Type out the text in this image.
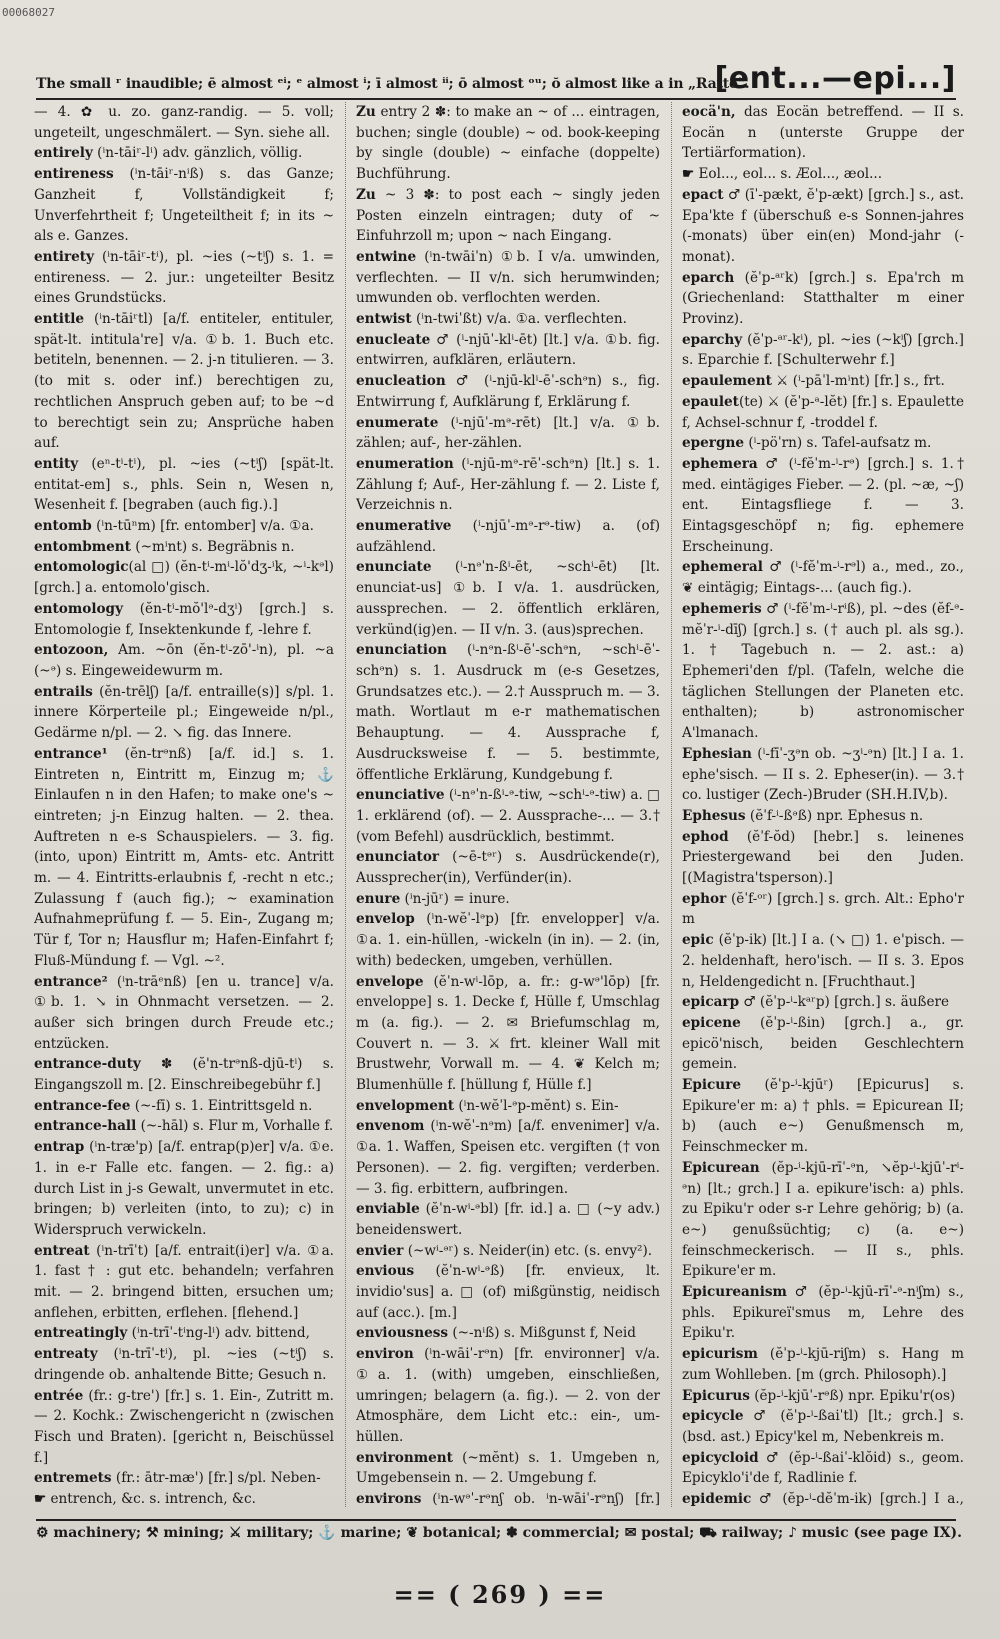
00068027
The small ʳ inaudible; ē almost ᵉⁱ; ᵉ almost ⁱ; ī almost ⁱⁱ; ō almost ᵒᵘ; ŏ almost like a in „Ratte".
[ent...—epi...]

— 4. ✿ u. zo. ganz-randig. — 5. voll; ungeteilt, ungeschmälert. — Syn. siehe all.

entirely (ⁱn-tāiʳ-lⁱ) adv. gänzlich, völlig.

entireness (ⁱn-tāiʳ-nⁱß) s. das Ganze; Ganzheit f, Vollständigkeit f; Unverfehrtheit f; Ungeteiltheit f; in its ~ als e. Ganzes.

entirety (ⁱn-tāiʳ-tⁱ), pl. ~ies (~tⁱʃ) s. 1. = entireness. — 2. jur.: ungeteilter Besitz eines Grundstücks.

entitle (ⁱn-tāiʳtl) [a/f. entiteler, entituler, spät-lt. intitula're] v/a. ①b. 1. Buch etc. betiteln, benennen. — 2. j-n titulieren. — 3. (to mit s. oder inf.) berechtigen zu, rechtlichen Anspruch geben auf; to be ~d to berechtigt sein zu; Ansprüche haben auf.

entity (eⁿ-tⁱ-tⁱ), pl. ~ies (~tⁱʃ) [spät-lt. entitat-em] s., phls. Sein n, Wesen n, Wesenheit f. [begraben (auch fig.).]

entomb (ⁱn-tūⁿm) [fr. entomber] v/a. ①a.

entombment (~mⁱnt) s. Begräbnis n.

entomologic(al □) (ĕn-tⁱ-mⁱ-lŏ'dʒ-ⁱk, ~ⁱ-kᵊl) [grch.] a. entomolo'gisch.

entomology (ĕn-tⁱ-mŏ'lᵊ-dʒⁱ) [grch.] s. Entomologie f, Insektenkunde f, -lehre f.

entozoon, Am. ~ōn (ĕn-tⁱ-zō'-ⁱn), pl. ~a (~ᵊ) s. Eingeweidewurm m.

entrails (ĕn-trēlʃ) [a/f. entraille(s)] s/pl. 1. innere Körperteile pl.; Eingeweide n/pl., Gedärme n/pl. — 2. ↘ fig. das Innere.

entrance¹ (ĕn-trᵊnß) [a/f. id.] s. 1. Eintreten n, Eintritt m, Einzug m; ⚓ Einlaufen n in den Hafen; to make one's ~ eintreten; j-n Einzug halten. — 2. thea. Auftreten n e-s Schauspielers. — 3. fig. (into, upon) Eintritt m, Amts- etc. Antritt m. — 4. Eintritts-erlaubnis f, -recht n etc.; Zulassung f (auch fig.); ~ examination Aufnahmeprüfung f. — 5. Ein-, Zugang m; Tür f, Tor n; Hausflur m; Hafen-Einfahrt f; Fluß-Mündung f. — Vgl. ~².

entrance² (ⁱn-trāᵉnß) [en u. trance] v/a. ①b. 1. ↘ in Ohnmacht versetzen. — 2. außer sich bringen durch Freude etc.; entzücken.

entrance-duty ✽ (ĕ'n-trᵊnß-djū-tⁱ) s. Eingangszoll m. [2. Einschreibegebühr f.]

entrance-fee (~-fī) s. 1. Eintrittsgeld n.

entrance-hall (~-hāl) s. Flur m, Vorhalle f.

entrap (ⁱn-træ'p) [a/f. entrap(p)er] v/a. ①e. 1. in e-r Falle etc. fangen. — 2. fig.: a) durch List in j-s Gewalt, unvermutet in etc. bringen; b) verleiten (into, to zu); c) in Widerspruch verwickeln.

entreat (ⁱn-trīˈt) [a/f. entrait(i)er] v/a. ①a. 1. fast † : gut etc. behandeln; verfahren mit. — 2. bringend bitten, ersuchen um; anflehen, erbitten, erflehen. [flehend.]

entreatingly (ⁱn-trīˈ-tⁱng-lⁱ) adv. bittend,

entreaty (ⁱn-trīˈ-tⁱ), pl. ~ies (~tⁱʃ) s. dringende ob. anhaltende Bitte; Gesuch n.

entrée (fr.: g-tre') [fr.] s. 1. Ein-, Zutritt m. — 2. Kochk.: Zwischengericht n (zwischen Fisch und Braten). [gericht n, Beischüssel f.]

entremets (fr.: ātr-mæ') [fr.] s/pl. Neben-

☛ entrench, &c. s. intrench, &c.

Zu entry 2 ✽: to make an ~ of ... eintragen, buchen; single (double) ~ od. book-keeping by single (double) ~ einfache (doppelte) Buchführung.

Zu ~ 3 ✽: to post each ~ singly jeden Posten einzeln eintragen; duty of ~ Einfuhrzoll m; upon ~ nach Eingang.

entwine (ⁱn-twāiˈn) ①b. I v/a. umwinden, verflechten. — II v/n. sich herumwinden; umwunden ob. verflochten werden.

entwist (ⁱn-twiˈßt) v/a. ①a. verflechten.

enucleate ♂ (ⁱ-njūˈ-klⁱ-ēt) [lt.] v/a. ①b. fig. entwirren, aufklären, erläutern.

enucleation ♂ (ⁱ-njū-klⁱ-ēˈ-schᵊn) s., fig. Entwirrung f, Aufklärung f, Erklärung f.

enumerate (ⁱ-njūˈ-mᵊ-rēt) [lt.] v/a. ①b. zählen; auf-, her-zählen.

enumeration (ⁱ-njū-mᵊ-rēˈ-schᵊn) [lt.] s. 1. Zählung f; Auf-, Her-zählung f. — 2. Liste f, Verzeichnis n.

enumerative (ⁱ-njūˈ-mᵊ-rᵊ-tiw) a. (of) aufzählend.

enunciate (ⁱ-nᵊˈn-ßⁱ-ēt, ~schⁱ-ēt) [lt. enunciat-us] ①b. I v/a. 1. ausdrücken, aussprechen. — 2. öffentlich erklären, verkünd(ig)en. — II v/n. 3. (aus)sprechen.

enunciation (ⁱ-nᵊn-ßⁱ-ēˈ-schᵊn, ~schⁱ-ēˈ-schᵊn) s. 1. Ausdruck m (e-s Gesetzes, Grundsatzes etc.). — 2.† Ausspruch m. — 3. math. Wortlaut m e-r mathematischen Behauptung. — 4. Aussprache f, Ausdrucksweise f. — 5. bestimmte, öffentliche Erklärung, Kundgebung f.

enunciative (ⁱ-nᵊˈn-ßⁱ-ᵊ-tiw, ~schⁱ-ᵊ-tiw) a. □ 1. erklärend (of). — 2. Aussprache-... — 3.† (vom Befehl) ausdrücklich, bestimmt.

enunciator (~ē-tᵊʳ) s. Ausdrückende(r), Aussprecher(in), Verfünder(in).

enure (ⁱn-jūʳ) = inure.

envelop (ⁱn-wĕˈ-lᵊp) [fr. envelopper] v/a. ①a. 1. ein-hüllen, -wickeln (in in). — 2. (in, with) bedecken, umgeben, verhüllen.

envelope (ĕˈn-wⁱ-lōp, a. fr.: g-wᵊ'lōp) [fr. enveloppe] s. 1. Decke f, Hülle f, Umschlag m (a. fig.). — 2. ✉ Briefumschlag m, Couvert n. — 3. ⚔ frt. kleiner Wall mit Brustwehr, Vorwall m. — 4. ❦ Kelch m; Blumenhülle f. [hüllung f, Hülle f.]

envelopment (ⁱn-wĕˈl-ᵊp-mĕnt) s. Ein-

envenom (ⁱn-wĕˈ-nᵊm) [a/f. envenimer] v/a. ①a. 1. Waffen, Speisen etc. vergiften († von Personen). — 2. fig. vergiften; verderben. — 3. fig. erbittern, aufbringen.

enviable (ĕˈn-wⁱ-ᵊbl) [fr. id.] a. □ (~y adv.) beneidenswert.

envier (~wⁱ-ᵊʳ) s. Neider(in) etc. (s. envy²).

envious (ĕˈn-wⁱ-ᵊß) [fr. envieux, lt. invidio'sus] a. □ (of) mißgünstig, neidisch auf (acc.). [m.]

enviousness (~-nⁱß) s. Mißgunst f, Neid

environ (ⁱn-wāiˈ-rᵊn) [fr. environner] v/a. ①a. 1. (with) umgeben, einschließen, umringen; belagern (a. fig.). — 2. von der Atmosphäre, dem Licht etc.: ein-, um-hüllen.

environment (~mĕnt) s. 1. Umgeben n, Umgebensein n. — 2. Umgebung f.

environs (ⁱn-wᵊˈ-rᵊnʃ ob. ⁱn-wāiˈ-rᵊnʃ) [fr.]

eocä'n, das Eocän betreffend. — II s. Eocän n (unterste Gruppe der Tertiärformation).

☛ Eol..., eol... s. Æol..., æol...

epact ♂ (īˈ-pækt, ĕˈp-ækt) [grch.] s., ast. Epa'kte f (überschuß e-s Sonnen-jahres (-monats) über ein(en) Mond-jahr (-monat).

eparch (ĕˈp-ᵃʳk) [grch.] s. Epa'rch m (Griechenland: Statthalter m einer Provinz).

eparchy (ĕˈp-ᵃʳ-kⁱ), pl. ~ies (~kⁱʃ) [grch.] s. Eparchie f. [Schulterwehr f.]

epaulement ⚔ (ⁱ-pāˈl-mⁱnt) [fr.] s., frt.

epaulet(te) ⚔ (ĕˈp-ᵃ-lĕt) [fr.] s. Epaulette f, Achsel-schnur f, -troddel f.

epergne (ⁱ-pöˈrn) s. Tafel-aufsatz m.

ephemera ♂ (ⁱ-fĕˈm-ⁱ-rᵊ) [grch.] s. 1.† med. eintägiges Fieber. — 2. (pl. ~æ, ~ʃ) ent. Eintagsfliege f. — 3. Eintagsgeschöpf n; fig. ephemere Erscheinung.

ephemeral ♂ (ⁱ-fĕˈm-ⁱ-rᵊl) a., med., zo., ❦ eintägig; Eintags-... (auch fig.).

ephemeris ♂ (ⁱ-fĕˈm-ⁱ-rⁱß), pl. ~des (ĕf-ᵊ-mĕˈr-ⁱ-dīʃ) [grch.] s. († auch pl. als sg.). 1. † Tagebuch n. — 2. ast.: a) Ephemeri'den f/pl. (Tafeln, welche die täglichen Stellungen der Planeten etc. enthalten); b) astronomischer A'lmanach.

Ephesian (ⁱ-fīˈ-ʒᵊn ob. ~ʒⁱ-ᵊn) [lt.] I a. 1. ephe'sisch. — II s. 2. Epheser(in). — 3.† co. lustiger (Zech-)Bruder (SH.H.IV,b).

Ephesus (ĕˈf-ⁱ-ßᵊß) npr. Ephesus n.

ephod (ĕˈf-ŏd) [hebr.] s. leinenes Priestergewand bei den Juden. [(Magistra'tsperson).]

ephor (ĕˈf-ᵒʳ) [grch.] s. grch. Alt.: Epho'r m

epic (ĕˈp-ik) [lt.] I a. (↘ □) 1. e'pisch. — 2. heldenhaft, hero'isch. — II s. 3. Epos n, Heldengedicht n. [Fruchthaut.]

epicarp ♂ (ĕˈp-ⁱ-kᵃʳp) [grch.] s. äußere

epicene (ĕˈp-ⁱ-ßin) [grch.] a., gr. epicö'nisch, beiden Geschlechtern gemein.

Epicure (ĕˈp-ⁱ-kjūʳ) [Epicurus] s. Epikure'er m: a) † phls. = Epicurean II; b) (auch e~) Genußmensch m, Feinschmecker m.

Epicurean (ĕp-ⁱ-kjū-rīˈ-ᵊn, ↘ĕp-ⁱ-kjūˈ-rⁱ-ᵊn) [lt.; grch.] I a. epikure'isch: a) phls. zu Epiku'r oder s-r Lehre gehörig; b) (a. e~) genußsüchtig; c) (a. e~) feinschmeckerisch. — II s., phls. Epikure'er m.

Epicureanism ♂ (ĕp-ⁱ-kjū-rīˈ-ᵊ-nⁱʃm) s., phls. Epikureï'smus m, Lehre des Epiku'r.

epicurism (ĕˈp-ⁱ-kjū-riʃm) s. Hang m zum Wohlleben. [m (grch. Philosoph).]

Epicurus (ĕp-ⁱ-kjūˈ-rᵊß) npr. Epiku'r(os)

epicycle ♂ (ĕˈp-ⁱ-ßaiˈtl) [lt.; grch.] s. (bsd. ast.) Epicy'kel m, Nebenkreis m.

epicycloid ♂ (ĕp-ⁱ-ßaiˈ-klŏid) s., geom. Epicyklo'i'de f, Radlinie f.

epidemic ♂ (ĕp-ⁱ-dĕˈm-ik) [grch.] I a.,

⚙ machinery; ⚒ mining; ⚔ military; ⚓ marine; ❦ botanical; ✽ commercial; ✉ postal; ⛟ railway; ♪ music (see page IX).
== ( 269 ) ==
